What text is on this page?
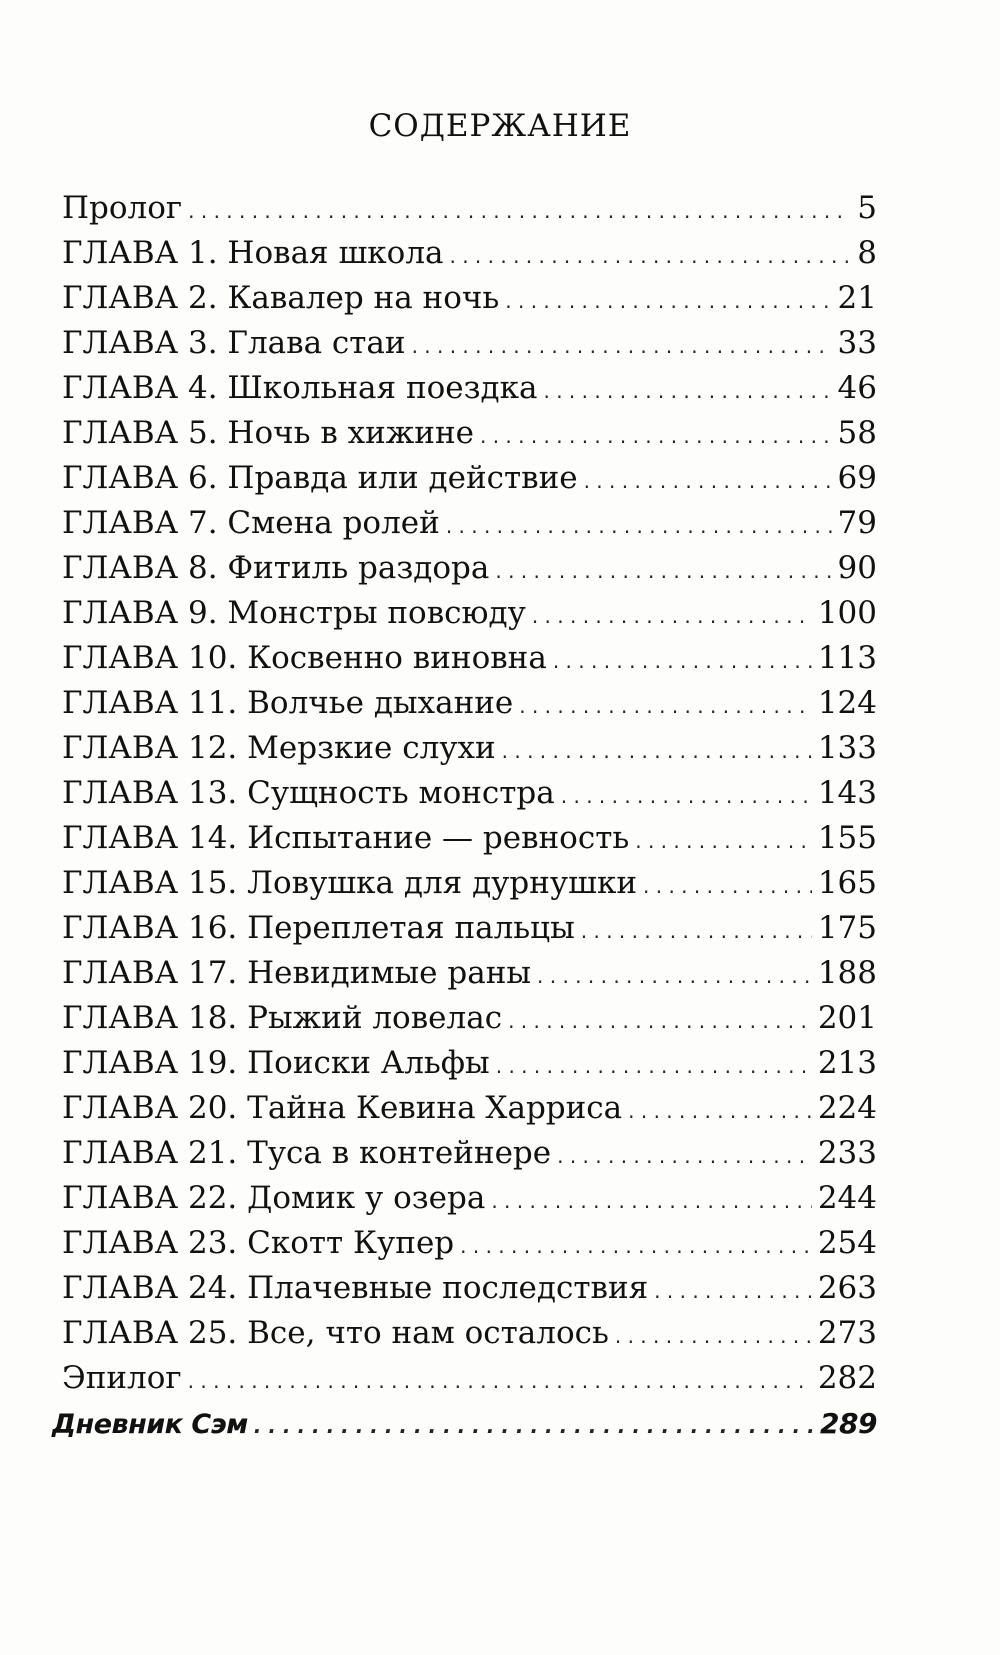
СОДЕРЖАНИЕ
Пролог . . .	5
ГЛАВА 1. Новая школа . . .	8
ГЛАВА 2. Кавалер на ночь . . .	21
ГЛАВА 3. Глава стаи . . .	33
ГЛАВА 4. Школьная поездка . . .	46
ГЛАВА 5. Ночь в хижине . . .	58
ГЛАВА 6. Правда или действие . . .	69
ГЛАВА 7. Смена ролей . . .	79
ГЛАВА 8. Фитиль раздора . . .	90
ГЛАВА 9. Монстры повсюду . . .	100
ГЛАВА 10. Косвенно виновна . . .	113
ГЛАВА 11. Волчье дыхание . . .	124
ГЛАВА 12. Мерзкие слухи . . .	133
ГЛАВА 13. Сущность монстра . . .	143
ГЛАВА 14. Испытание — ревность . . .	155
ГЛАВА 15. Ловушка для дурнушки . . .	165
ГЛАВА 16. Переплетая пальцы . . .	175
ГЛАВА 17. Невидимые раны . . .	188
ГЛАВА 18. Рыжий ловелас . . .	201
ГЛАВА 19. Поиски Альфы . . .	213
ГЛАВА 20. Тайна Кевина Харриса . . .	224
ГЛАВА 21. Туса в контейнере . . .	233
ГЛАВА 22. Домик у озера . . .	244
ГЛАВА 23. Скотт Купер . . .	254
ГЛАВА 24. Плачевные последствия . . .	263
ГЛАВА 25. Все, что нам осталось . . .	273
Эпилог . . .	282
Дневник Сэм . . .	289
